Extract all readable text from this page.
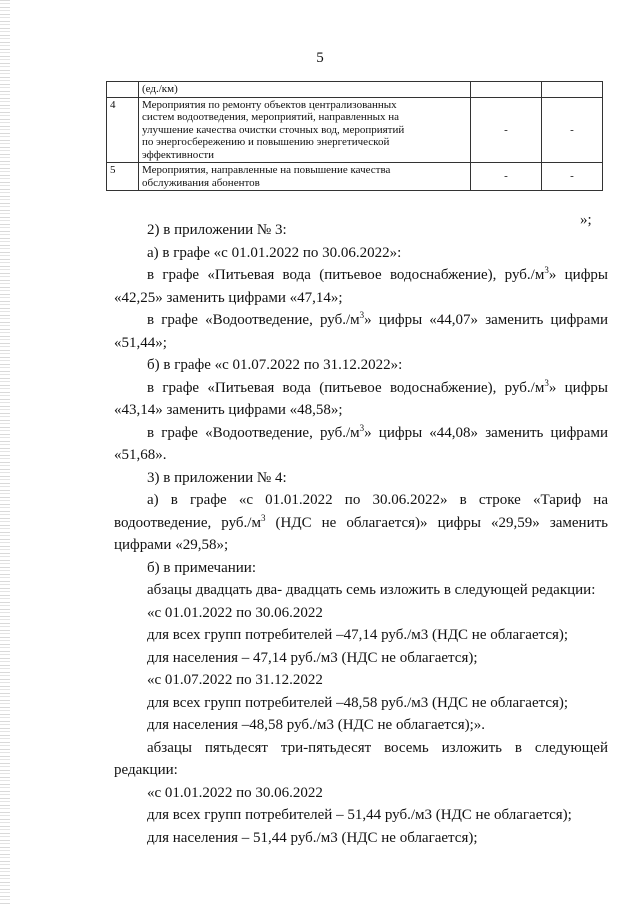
5

	(ед./км)		

4	Мероприятия по ремонту объектов централизованных
систем водоотведения, мероприятий, направленных на
улучшение качества очистки сточных вод, мероприятий
по энергосбережению и повышению энергетической
эффективности	-	-
5	Мероприятия, направленные на повышение качества
обслуживания абонентов	-	-
»;
2) в приложении № 3:
а) в графе «с 01.01.2022 по 30.06.2022»:
в графе «Питьевая вода (питьевое водоснабжение), $руб./м^3$» цифры
«42,25» заменить цифрами «47,14»;
в графе «Водоотведение, $руб./м^3$» цифры «44,07» заменить цифрами
«51,44»;
б) в графе «с 01.07.2022 по 31.12.2022»:
в графе «Питьевая вода (питьевое водоснабжение), $руб./м^3$» цифры
«43,14» заменить цифрами «48,58»;
в графе «Водоотведение, $руб./м^3$» цифры «44,08» заменить цифрами
«51,68».
3) в приложении № 4:
а) в графе «с 01.01.2022 по 30.06.2022» в строке «Тариф на
водоотведение, $руб./м^3$ (НДС не облагается)» цифры «29,59» заменить
цифрами «29,58»;
б) в примечании:
абзацы двадцать два- двадцать семь изложить в следующей редакции:
«с 01.01.2022 по 30.06.2022
для всех групп потребителей –47,14 руб./м3 (НДС не облагается);
для населения – 47,14 руб./м3 (НДС не облагается);
«с 01.07.2022 по 31.12.2022
для всех групп потребителей –48,58 руб./м3 (НДС не облагается);
для населения –48,58 руб./м3 (НДС не облагается);».
абзацы пятьдесят три-пятьдесят восемь изложить в следующей
редакции:
«с 01.01.2022 по 30.06.2022
для всех групп потребителей – 51,44 руб./м3 (НДС не облагается);
для населения – 51,44 руб./м3 (НДС не облагается);
